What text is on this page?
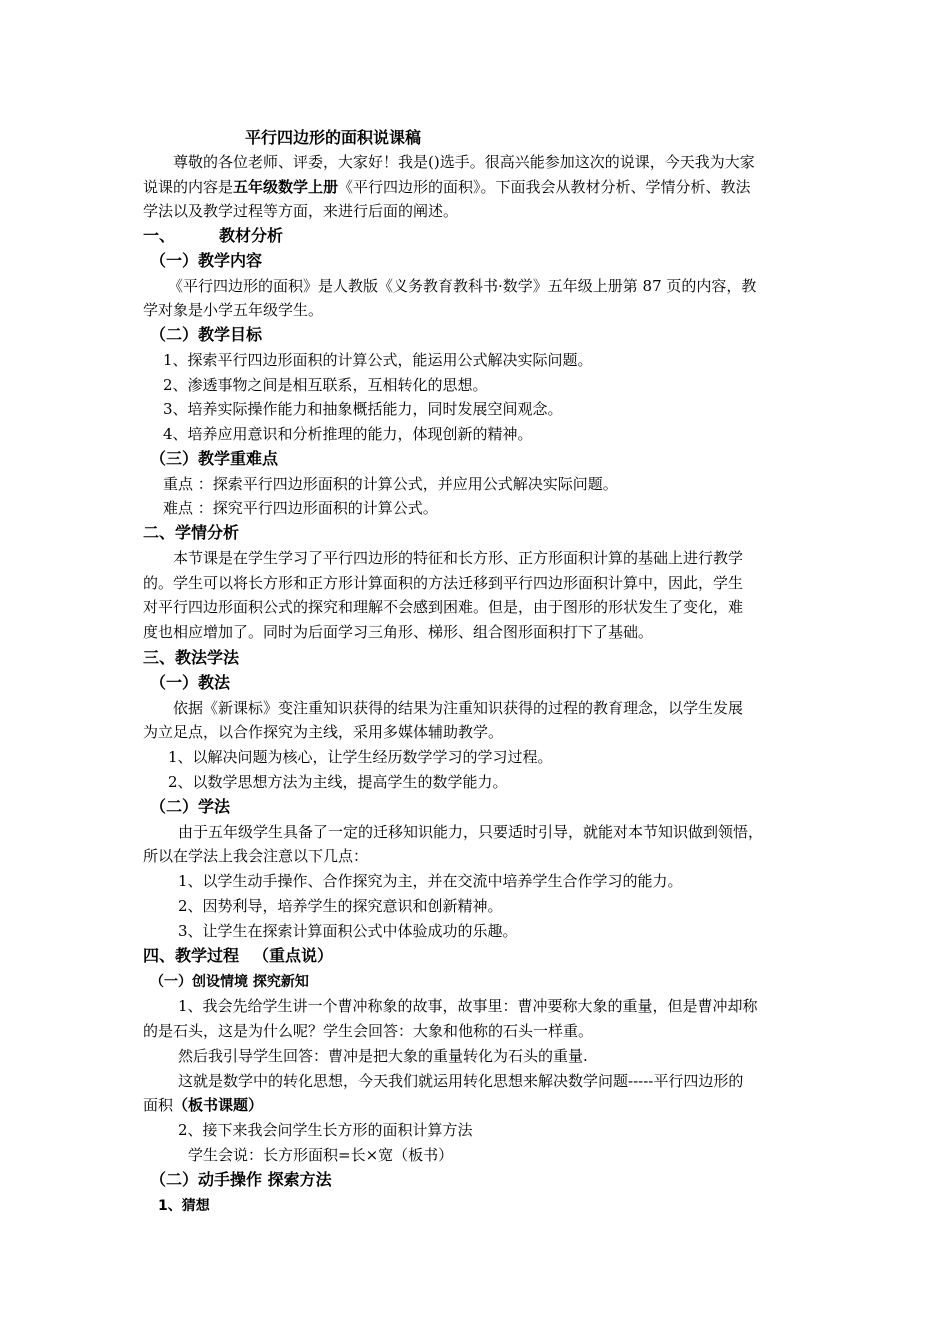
平行四边形的面积说课稿
尊敬的各位老师、评委，大家好！我是()选手。很高兴能参加这次的说课，今天我为大家
说课的内容是五年级数学上册《平行四边形的面积》。下面我会从教材分析、学情分析、教法
学法以及教学过程等方面，来进行后面的阐述。
一、	教材分析
（一）教学内容
《平行四边形的面积》是人教版《义务教育教科书·数学》五年级上册第 87 页的内容，教
学对象是小学五年级学生。
（二）教学目标
1、探索平行四边形面积的计算公式，能运用公式解决实际问题。
2、渗透事物之间是相互联系，互相转化的思想。
3、培养实际操作能力和抽象概括能力，同时发展空间观念。
4、培养应用意识和分析推理的能力，体现创新的精神。
（三）教学重难点
重点 ：探索平行四边形面积的计算公式，并应用公式解决实际问题。
难点 ：探究平行四边形面积的计算公式。
二、学情分析
本节课是在学生学习了平行四边形的特征和长方形、正方形面积计算的基础上进行教学
的。学生可以将长方形和正方形计算面积的方法迁移到平行四边形面积计算中，因此，学生
对平行四边形面积公式的探究和理解不会感到困难。但是，由于图形的形状发生了变化，难
度也相应增加了。同时为后面学习三角形、梯形、组合图形面积打下了基础。
三、教法学法
（一）教法
依据《新课标》变注重知识获得的结果为注重知识获得的过程的教育理念，以学生发展
为立足点，以合作探究为主线，采用多媒体辅助教学。
1、以解决问题为核心，让学生经历数学学习的学习过程。
2、以数学思想方法为主线，提高学生的数学能力。
（二）学法
由于五年级学生具备了一定的迁移知识能力，只要适时引导，就能对本节知识做到领悟，
所以在学法上我会注意以下几点：
1、以学生动手操作、合作探究为主，并在交流中培养学生合作学习的能力。
2、因势利导，培养学生的探究意识和创新精神。
3、让学生在探索计算面积公式中体验成功的乐趣。
四、教学过程 （重点说）
（一）创设情境 探究新知
1、我会先给学生讲一个曹冲称象的故事，故事里：曹冲要称大象的重量，但是曹冲却称
的是石头，这是为什么呢？学生会回答：大象和他称的石头一样重。
然后我引导学生回答：曹冲是把大象的重量转化为石头的重量.
这就是数学中的转化思想，今天我们就运用转化思想来解决数学问题-----平行四边形的
面积（板书课题）
2、接下来我会问学生长方形的面积计算方法
学生会说：长方形面积=长×宽（板书）
（二）动手操作 探索方法
1、猜想
